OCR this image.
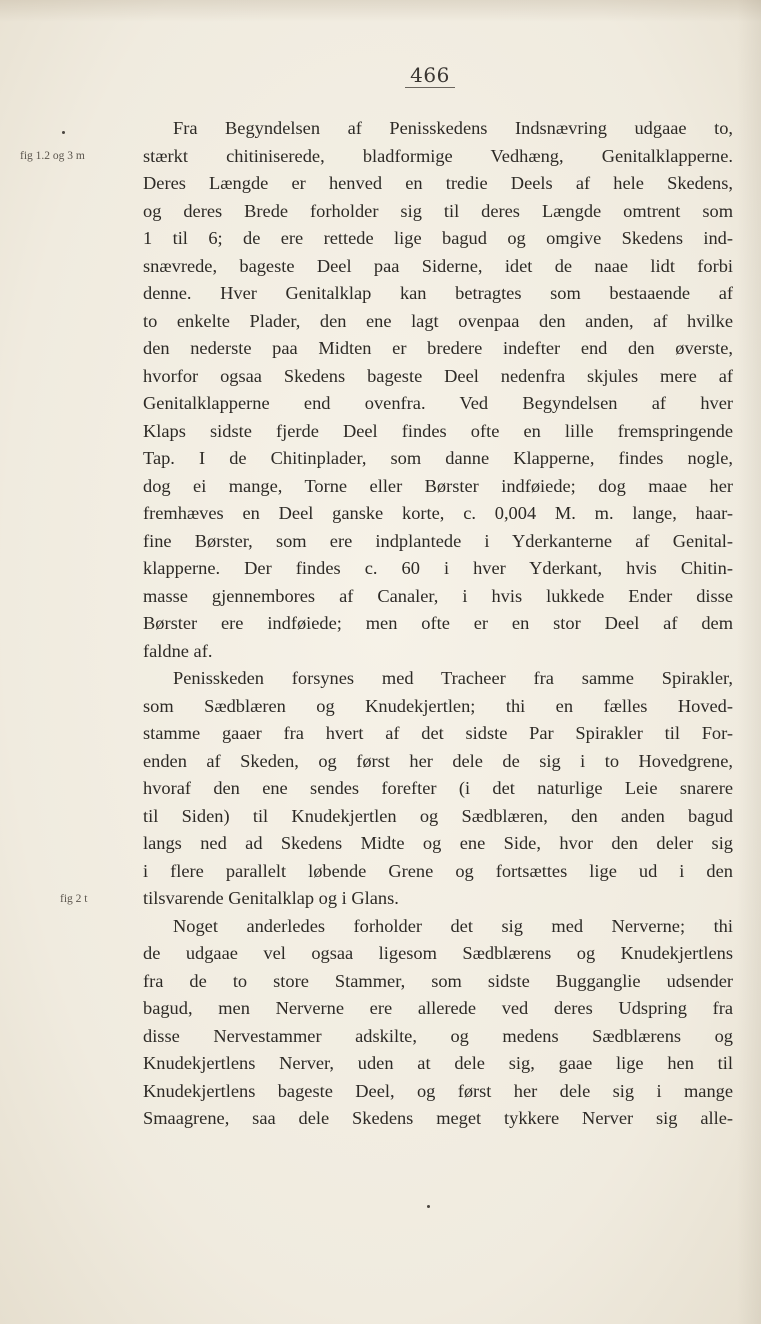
466
fig 1.2 og 3 m
fig 2 t
Fra Begyndelsen af Penisskedens Indsnævring udgaae to,
stærkt chitiniserede, bladformige Vedhæng, Genitalklapperne.
Deres Længde er henved en tredie Deels af hele Skedens,
og deres Brede forholder sig til deres Længde omtrent som
1 til 6; de ere rettede lige bagud og omgive Skedens ind-
snævrede, bageste Deel paa Siderne, idet de naae lidt forbi
denne. Hver Genitalklap kan betragtes som bestaaende af
to enkelte Plader, den ene lagt ovenpaa den anden, af hvilke
den nederste paa Midten er bredere indefter end den øverste,
hvorfor ogsaa Skedens bageste Deel nedenfra skjules mere af
Genitalklapperne end ovenfra. Ved Begyndelsen af hver
Klaps sidste fjerde Deel findes ofte en lille fremspringende
Tap. I de Chitinplader, som danne Klapperne, findes nogle,
dog ei mange, Torne eller Børster indføiede; dog maae her
fremhæves en Deel ganske korte, c. 0,004 M. m. lange, haar-
fine Børster, som ere indplantede i Yderkanterne af Genital-
klapperne. Der findes c. 60 i hver Yderkant, hvis Chitin-
masse gjennembores af Canaler, i hvis lukkede Ender disse
Børster ere indføiede; men ofte er en stor Deel af dem
faldne af.
Penisskeden forsynes med Tracheer fra samme Spirakler,
som Sædblæren og Knudekjertlen; thi en fælles Hoved-
stamme gaaer fra hvert af det sidste Par Spirakler til For-
enden af Skeden, og først her dele de sig i to Hovedgrene,
hvoraf den ene sendes forefter (i det naturlige Leie snarere
til Siden) til Knudekjertlen og Sædblæren, den anden bagud
langs ned ad Skedens Midte og ene Side, hvor den deler sig
i flere parallelt løbende Grene og fortsættes lige ud i den
tilsvarende Genitalklap og i Glans.
Noget anderledes forholder det sig med Nerverne; thi
de udgaae vel ogsaa ligesom Sædblærens og Knudekjertlens
fra de to store Stammer, som sidste Bugganglie udsender
bagud, men Nerverne ere allerede ved deres Udspring fra
disse Nervestammer adskilte, og medens Sædblærens og
Knudekjertlens Nerver, uden at dele sig, gaae lige hen til
Knudekjertlens bageste Deel, og først her dele sig i mange
Smaagrene, saa dele Skedens meget tykkere Nerver sig alle-
